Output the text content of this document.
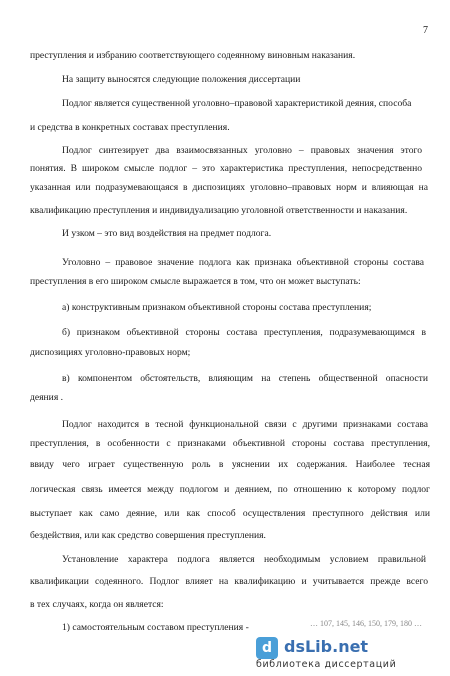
7
преступления и избранию соответствующего содеянному виновным наказания.
На защиту выносятся следующие положения диссертации
Подлог является существенной уголовно–правовой характеристикой деяния, способа
и средства в конкретных составах преступления.
Подлог синтезирует два взаимосвязанных уголовно – правовых значения этого
понятия. В широком смысле подлог – это характеристика преступления, непосредственно
указанная или подразумевающаяся в диспозициях уголовно–правовых норм и влияющая на
квалификацию преступления и индивидуализацию уголовной ответственности и наказания.
И узком – это вид воздействия на предмет подлога.
Уголовно – правовое значение подлога как признака объективной стороны состава
преступления в его широком смысле выражается в том, что он может выступать:
а) конструктивным признаком объективной стороны состава преступления;
б) признаком объективной стороны состава преступления, подразумевающимся в
диспозициях уголовно-правовых норм;
в) компонентом обстоятельств, влияющим на степень общественной опасности
деяния .
Подлог находится в тесной функциональной связи с другими признаками состава
преступления, в особенности с признаками объективной стороны состава преступления,
ввиду чего играет существенную роль в уяснении их содержания. Наиболее тесная
логическая связь имеется между подлогом и деянием, по отношению к которому подлог
выступает как само деяние, или как способ осуществления преступного действия или
бездействия, или как средство совершения преступления.
Установление характера подлога является необходимым условием правильной
квалификации содеянного. Подлог влияет на квалификацию и учитывается прежде всего
в тех случаях, когда он является:
1) самостоятельным составом преступления -	… 107, 145, 146, 150, 179, 180 …
d dsLib.net
библиотека диссертаций
